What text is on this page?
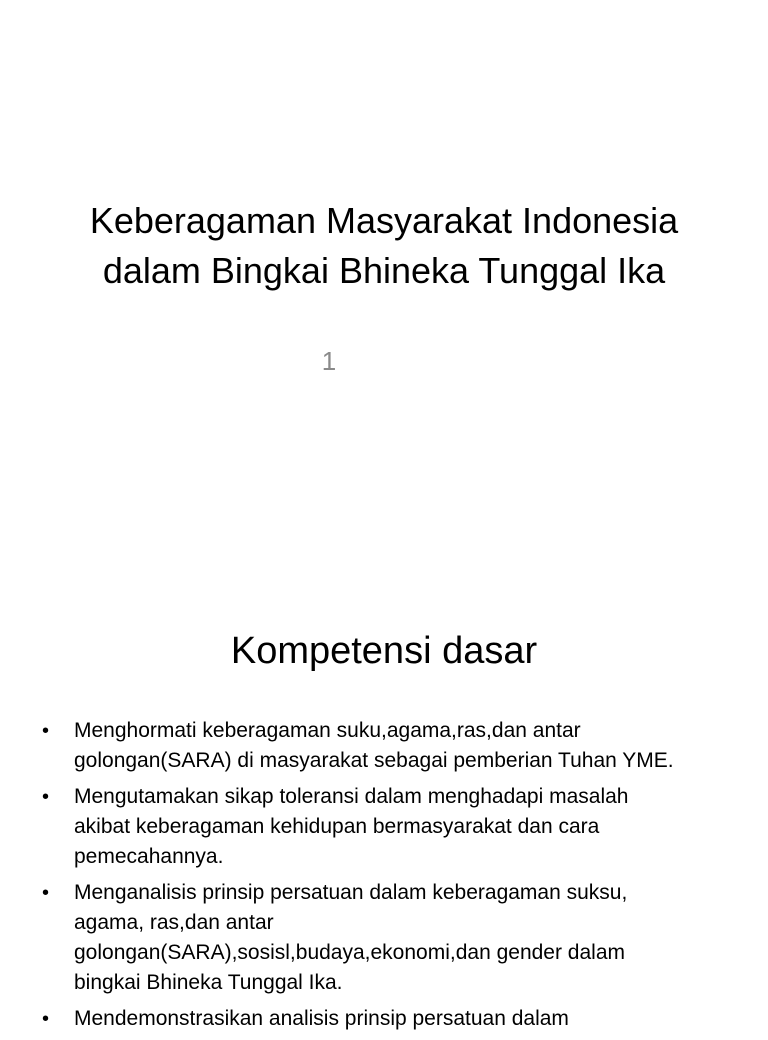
Keberagaman Masyarakat Indonesia
dalam Bingkai Bhineka Tunggal Ika
1
Kompetensi dasar
• Menghormati keberagaman suku,agama,ras,dan antar
golongan(SARA) di masyarakat sebagai pemberian Tuhan YME.
• Mengutamakan sikap toleransi dalam menghadapi masalah
akibat keberagaman kehidupan bermasyarakat dan cara
pemecahannya.
• Menganalisis prinsip persatuan dalam keberagaman suksu,
agama, ras,dan antar
golongan(SARA),sosisl,budaya,ekonomi,dan gender dalam
bingkai Bhineka Tunggal Ika.
• Mendemonstrasikan analisis prinsip persatuan dalam
